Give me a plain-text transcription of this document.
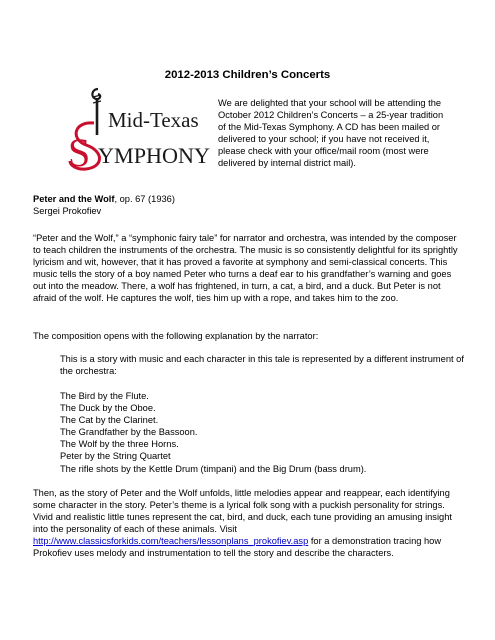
2012-2013 Children’s Concerts
Mid-Texas
S YMPHONY
We are delighted that your school will be attending the October 2012 Children’s Concerts – a 25-year tradition of the Mid-Texas Symphony. A CD has been mailed or delivered to your school; if you have not received it, please check with your office/mail room (most were delivered by internal district mail).
Peter and the Wolf, op. 67 (1936)
Sergei Prokofiev

“Peter and the Wolf,” a “symphonic fairy tale” for narrator and orchestra, was intended by the composer to teach children the instruments of the orchestra. The music is so consistently delightful for its sprightly lyricism and wit, however, that it has proved a favorite at symphony and semi-classical concerts. This music tells the story of a boy named Peter who turns a deaf ear to his grandfather’s warning and goes out into the meadow. There, a wolf has frightened, in turn, a cat, a bird, and a duck. But Peter is not afraid of the wolf. He captures the wolf, ties him up with a rope, and takes him to the zoo.

The composition opens with the following explanation by the narrator:

This is a story with music and each character in this tale is represented by a different instrument of the orchestra:

The Bird by the Flute.
The Duck by the Oboe.
The Cat by the Clarinet.
The Grandfather by the Bassoon.
The Wolf by the three Horns.
Peter by the String Quartet
The rifle shots by the Kettle Drum (timpani) and the Big Drum (bass drum).

Then, as the story of Peter and the Wolf unfolds, little melodies appear and reappear, each identifying some character in the story. Peter’s theme is a lyrical folk song with a puckish personality for strings. Vivid and realistic little tunes represent the cat, bird, and duck, each tune providing an amusing insight into the personality of each of these animals. Visit http://www.classicsforkids.com/teachers/lessonplans_prokofiev.asp for a demonstration tracing how Prokofiev uses melody and instrumentation to tell the story and describe the characters.
